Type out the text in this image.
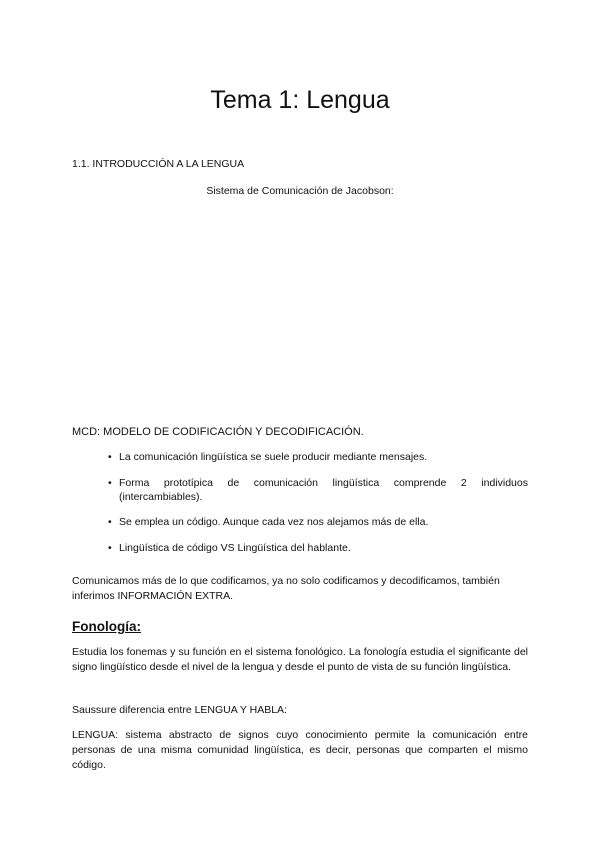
Tema 1: Lengua

1.1. INTRODUCCIÓN A LA LENGUA

Sistema de Comunicación de Jacobson:

MCD: MODELO DE CODIFICACIÓN Y DECODIFICACIÓN.

• La comunicación lingüística se suele producir mediante mensajes.
• Forma prototípica de comunicación lingüística comprende 2 individuos (intercambiables).
• Se emplea un código. Aunque cada vez nos alejamos más de ella.
• Lingüística de código VS Lingüística del hablante.

Comunicamos más de lo que codificamos, ya no solo codificamos y decodificamos, también inferimos INFORMACIÓN EXTRA.

Fonología:

Estudia los fonemas y su función en el sistema fonológico. La fonología estudia el significante del signo lingüístico desde el nivel de la lengua y desde el punto de vista de su función lingüística.

Saussure diferencia entre LENGUA Y HABLA:

LENGUA: sistema abstracto de signos cuyo conocimiento permite la comunicación entre personas de una misma comunidad lingüística, es decir, personas que comparten el mismo código.
